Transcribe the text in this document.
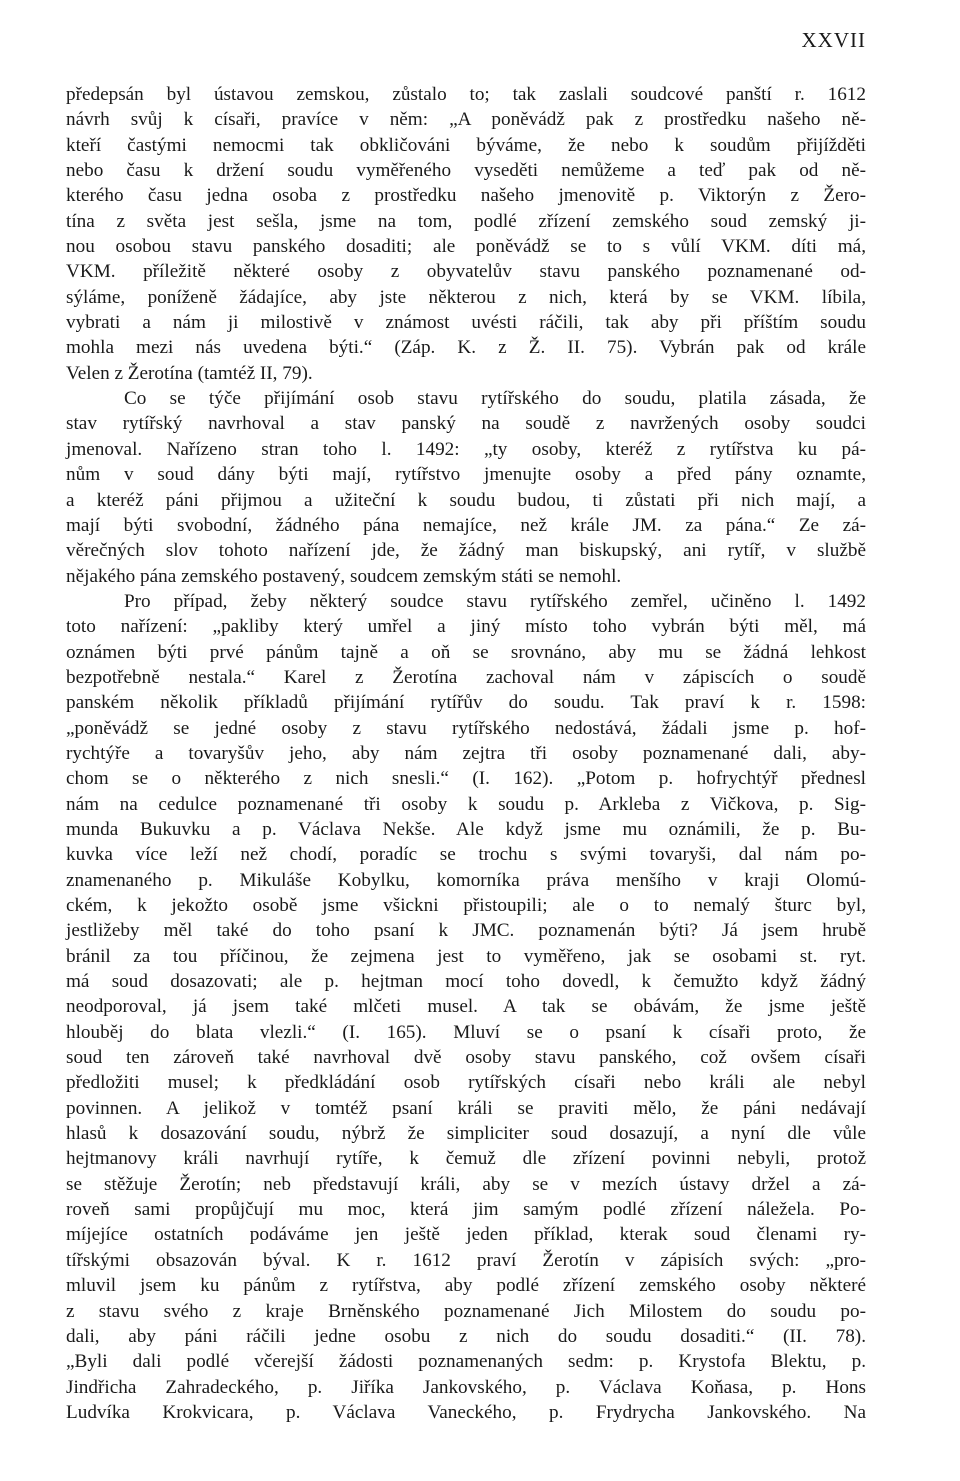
XXVII
předepsán byl ústavou zemskou, zůstalo to; tak zaslali soudcové panští r. 1612
návrh svůj k císaři, pravíce v něm: „A poněvádž pak z prostředku našeho ně-
kteří častými nemocmi tak obkličováni býváme, že nebo k soudům přijížděti
nebo času k držení soudu vyměřeného vyseděti nemůžeme a teď pak od ně-
kterého času jedna osoba z prostředku našeho jmenovitě p. Viktorýn z Žero-
tína z světa jest sešla, jsme na tom, podlé zřízení zemského soud zemský ji-
nou osobou stavu panského dosaditi; ale poněvádž se to s vůlí VKM. díti má,
VKM. příležitě některé osoby z obyvatelův stavu panského poznamenané od-
sýláme, poníženě žádajíce, aby jste některou z nich, která by se VKM. líbila,
vybrati a nám ji milostivě v známost uvésti ráčili, tak aby při příštím soudu
mohla mezi nás uvedena býti.“ (Záp. K. z Ž. II. 75). Vybrán pak od krále
Velen z Žerotína (tamtéž II, 79).
Co se týče přijímání osob stavu rytířského do soudu, platila zásada, že
stav rytířský navrhoval a stav panský na soudě z navržených osoby soudci
jmenoval. Nařízeno stran toho l. 1492: „ty osoby, kteréž z rytířstva ku pá-
nům v soud dány býti mají, rytířstvo jmenujte osoby a před pány oznamte,
a kteréž páni přijmou a užiteční k soudu budou, ti zůstati při nich mají, a
mají býti svobodní, žádného pána nemajíce, než krále JM. za pána.“ Ze zá-
věrečných slov tohoto nařízení jde, že žádný man biskupský, ani rytíř, v službě
nějakého pána zemského postavený, soudcem zemským státi se nemohl.
Pro případ, žeby některý soudce stavu rytířského zemřel, učiněno l. 1492
toto nařízení: „pakliby který umřel a jiný místo toho vybrán býti měl, má
oznámen býti prvé pánům tajně a oň se srovnáno, aby mu se žádná lehkost
bezpotřebně nestala.“ Karel z Žerotína zachoval nám v zápiscích o soudě
panském několik příkladů přijímání rytířův do soudu. Tak praví k r. 1598:
„poněvádž se jedné osoby z stavu rytířského nedostává, žádali jsme p. hof-
rychtýře a tovaryšův jeho, aby nám zejtra tři osoby poznamenané dali, aby-
chom se o některého z nich snesli.“ (I. 162). „Potom p. hofrychtýř přednesl
nám na cedulce poznamenané tři osoby k soudu p. Arkleba z Vičkova, p. Sig-
munda Bukuvku a p. Václava Nekše. Ale když jsme mu oznámili, že p. Bu-
kuvka více leží než chodí, poradíc se trochu s svými tovaryši, dal nám po-
znamenaného p. Mikuláše Kobylku, komorníka práva menšího v kraji Olomú-
ckém, k jekožto osobě jsme všickni přistoupili; ale o to nemalý šturc byl,
jestližeby měl také do toho psaní k JMC. poznamenán býti? Já jsem hrubě
bránil za tou příčinou, že zejmena jest to vyměřeno, jak se osobami st. ryt.
má soud dosazovati; ale p. hejtman mocí toho dovedl, k čemužto když žádný
neodporoval, já jsem také mlčeti musel. A tak se obávám, že jsme ještě
hlouběj do blata vlezli.“ (I. 165). Mluví se o psaní k císaři proto, že
soud ten zároveň také navrhoval dvě osoby stavu panského, což ovšem císaři
předložiti musel; k předkládání osob rytířských císaři nebo králi ale nebyl
povinnen. A jelikož v tomtéž psaní králi se praviti mělo, že páni nedávají
hlasů k dosazování soudu, nýbrž že simpliciter soud dosazují, a nyní dle vůle
hejtmanovy králi navrhují rytíře, k čemuž dle zřízení povinni nebyli, protož
se stěžuje Žerotín; neb představují králi, aby se v mezích ústavy držel a zá-
roveň sami propůjčují mu moc, která jim samým podlé zřízení náležela. Po-
míjejíce ostatních podáváme jen ještě jeden příklad, kterak soud členami ry-
tířskými obsazován býval. K r. 1612 praví Žerotín v zápisích svých: „pro-
mluvil jsem ku pánům z rytířstva, aby podlé zřízení zemského osoby některé
z stavu svého z kraje Brněnského poznamenané Jich Milostem do soudu po-
dali, aby páni ráčili jedne osobu z nich do soudu dosaditi.“ (II. 78).
„Byli dali podlé včerejší žádosti poznamenaných sedm: p. Krystofa Blektu, p.
Jindřicha Zahradeckého, p. Jiříka Jankovského, p. Václava Koňasa, p. Hons
Ludvíka Krokvicara, p. Václava Vaneckého, p. Frydrycha Jankovského. Na
